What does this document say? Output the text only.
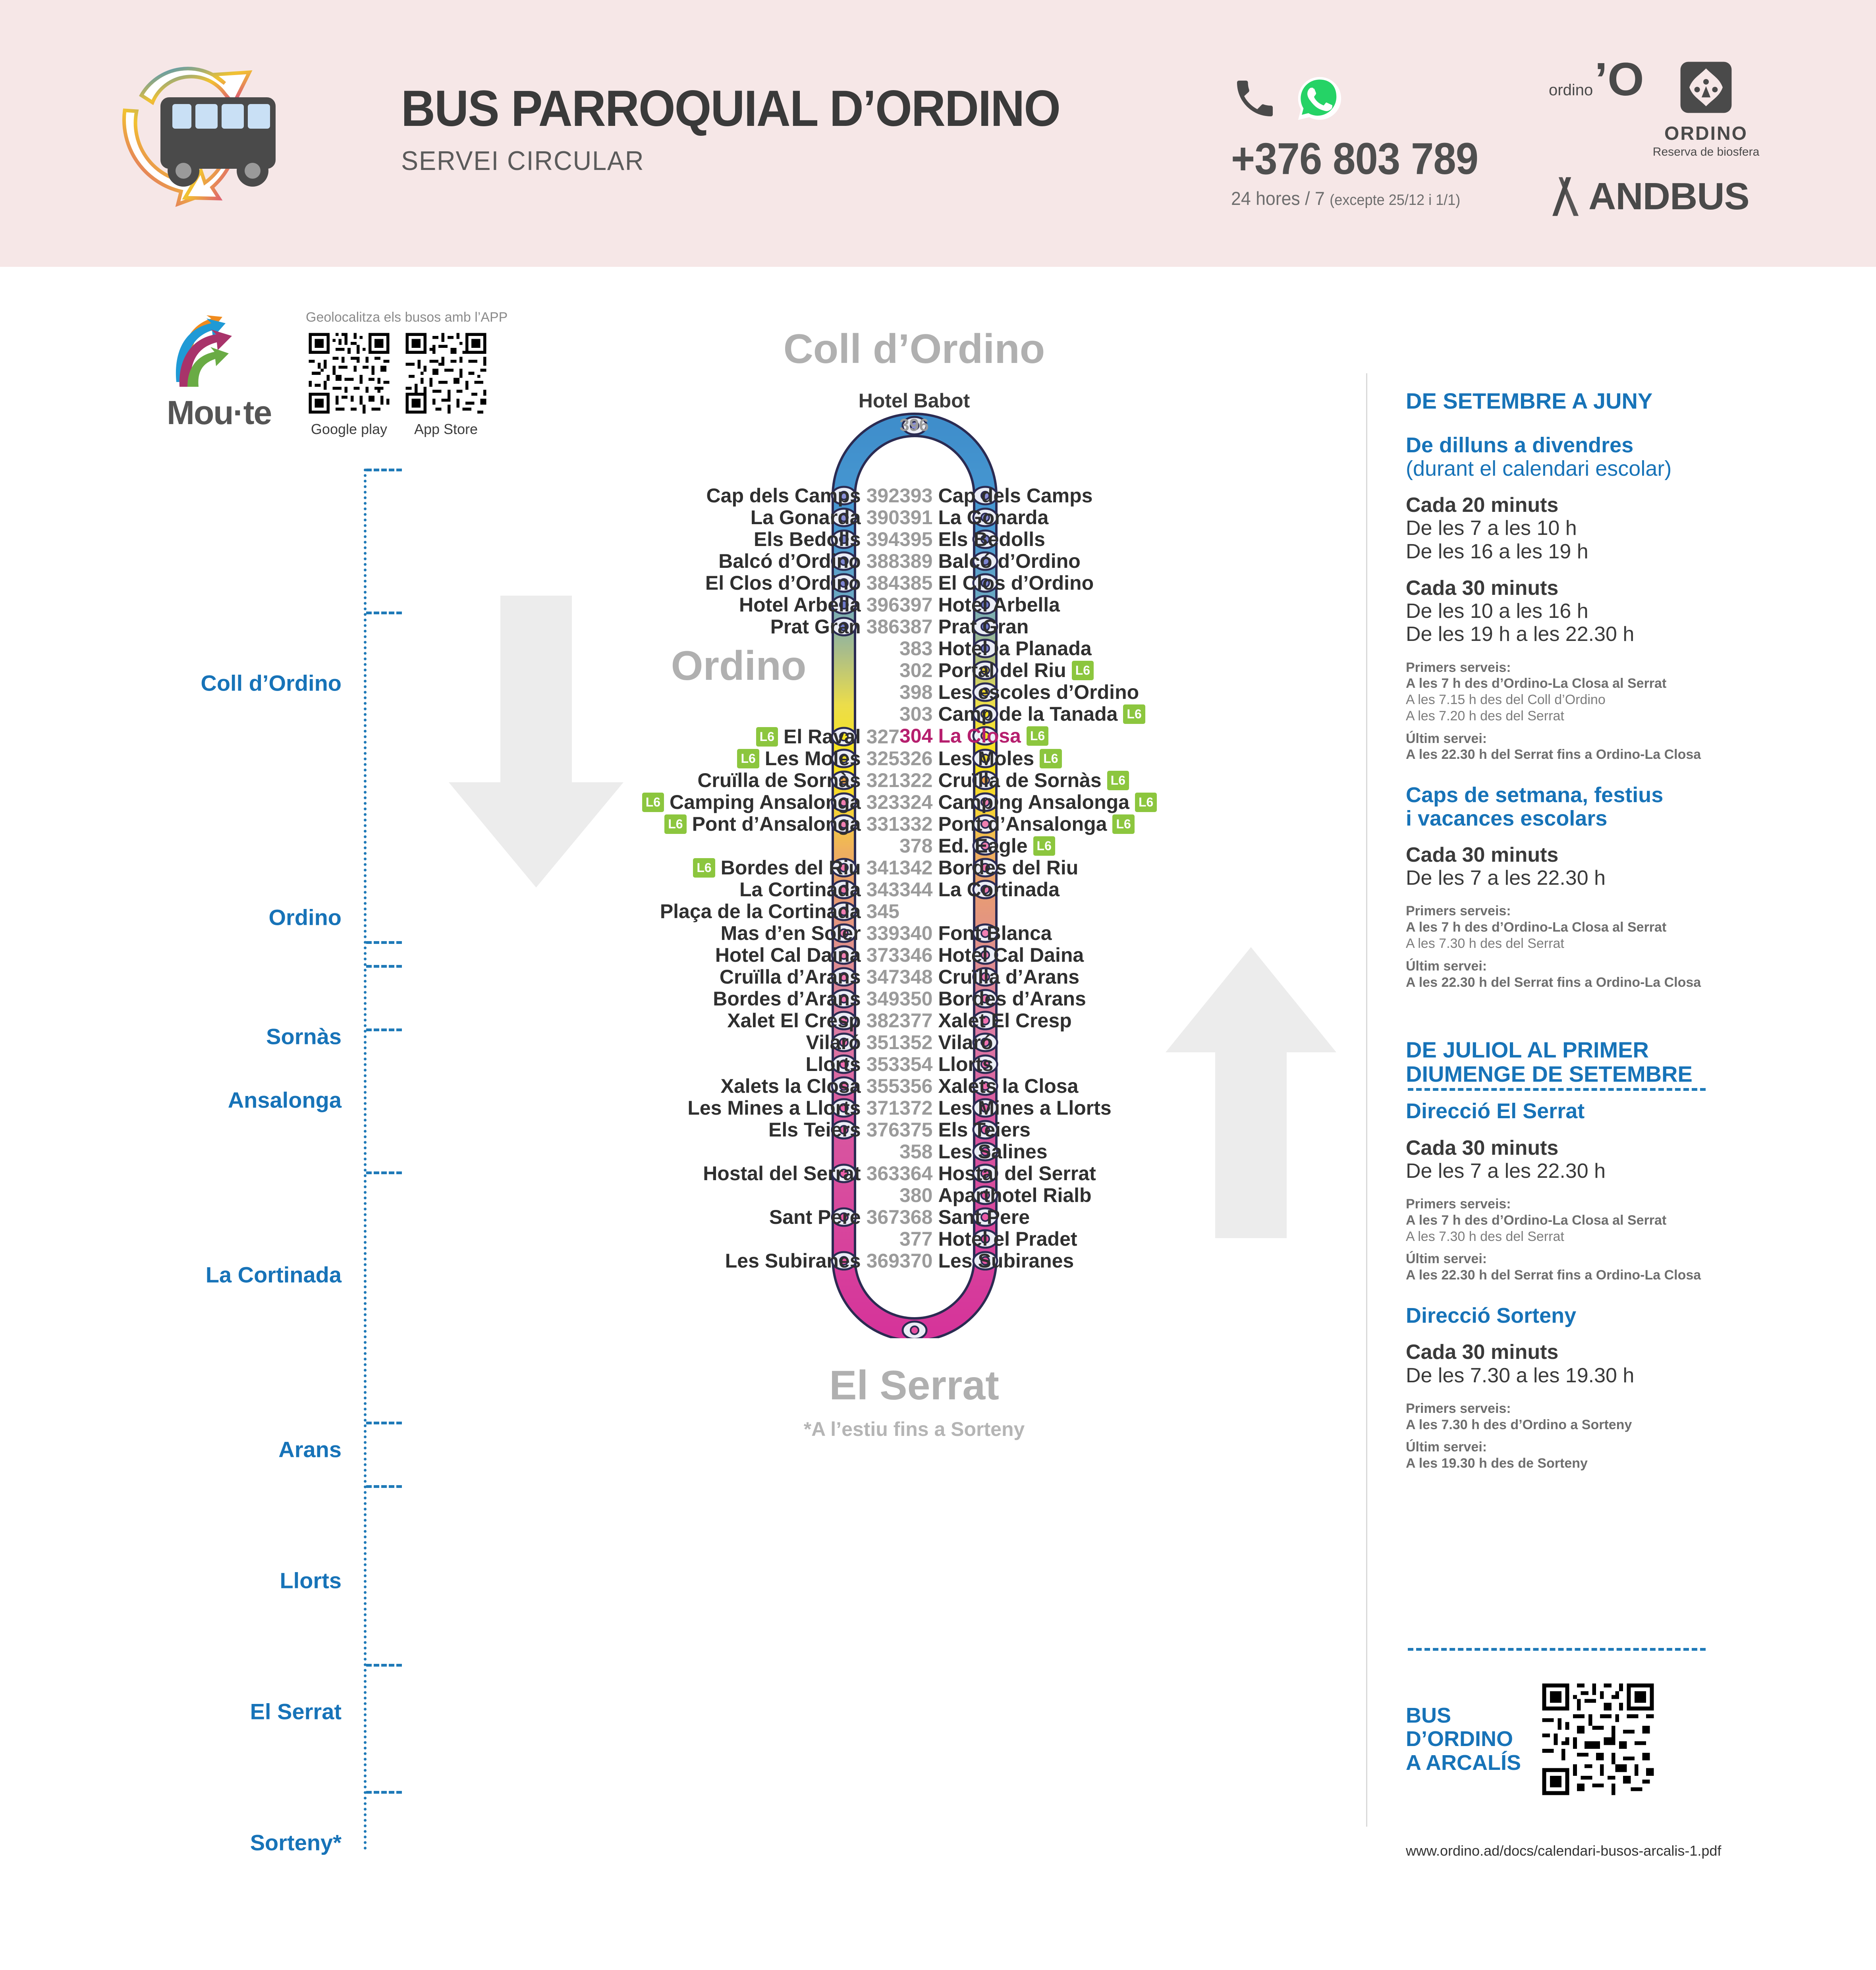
BUS PARROQUIAL D’ORDINO
SERVEI CIRCULAR	+376 803 789
24 hores / 7 (excepte 25/12 i 1/1)
ordino ’O
ORDINO
Reserva de biosfera
ANDBUS
Mou·te
Geolocalitza els busos amb l’APP
Google play	App Store
Coll d’Ordino
Ordino
Sornàs
Ansalonga
La Cortinada
Arans
Llorts
El Serrat
Sorteny*
Coll d’Ordino
Hotel Babot
396
Ordino
El Serrat
*A l’estiu fins a Sorteny
Cap dels Camps 392
La Gonarda 390
Els Bedolls 394
Balcó d’Ordino 388
El Clos d’Ordino 384
Hotel Arbella 396
Prat Gran 386
L6 El Raval 327
L6 Les Moles 325
Cruïlla de Sornàs 321
L6 Camping Ansalonga 323
L6 Pont d’Ansalonga 331
L6 Bordes del Riu 341
La Cortinada 343
Plaça de la Cortinada 345
Mas d’en Soler 339
Hotel Cal Daina 373
Cruïlla d’Arans 347
Bordes d’Arans 349
Xalet El Cresp 382
Vilaró 351
Llorts 353
Xalets la Closa 355
Les Mines a Llorts 371
Els Teiers 376
Hostal del Serrat 363
Sant Pere 367
Les Subiranes 369
393 Cap dels Camps
391 La Gonarda
395 Els Bedolls
389 Balcó d’Ordino
385 El Clos d’Ordino
397 Hotel Arbella
387 Prat Gran
383 Hotel la Planada
302 Portal del Riu L6
398 Les escoles d’Ordino
303 Camp de la Tanada L6
304 La Closa L6
326 Les Moles L6
322 Cruïlla de Sornàs L6
324 Camping Ansalonga L6
332 Pont d’Ansalonga L6
378 Ed. Eagle L6
342 Bordes del Riu
344 La Cortinada
340 Font Blanca
346 Hotel Cal Daina
348 Cruïlla d’Arans
350 Bordes d’Arans
377 Xalet El Cresp
352 Vilaró
354 Llorts
356 Xalets la Closa
372 Les Mines a Llorts
375 Els Teiers
358 Les Salines
364 Hostal del Serrat
380 Aparthotel Rialb
368 Sant Pere
377 Hotel el Pradet
370 Les Subiranes
DE SETEMBRE A JUNY
De dilluns a divendres
(durant el calendari escolar)
Cada 20 minuts
De les 7 a les 10 h
De les 16 a les 19 h
Cada 30 minuts
De les 10 a les 16 h
De les 19 h a les 22.30 h
Primers serveis:
A les 7 h des d’Ordino-La Closa al Serrat
A les 7.15 h des del Coll d’Ordino
A les 7.20 h des del Serrat
Últim servei:
A les 22.30 h del Serrat fins a Ordino-La Closa
Caps de setmana, festius
i vacances escolars
Cada 30 minuts
De les 7 a les 22.30 h
Primers serveis:
A les 7 h des d’Ordino-La Closa al Serrat
A les 7.30 h des del Serrat
Últim servei:
A les 22.30 h del Serrat fins a Ordino-La Closa
DE JULIOL AL PRIMER
DIUMENGE DE SETEMBRE
Direcció El Serrat
Cada 30 minuts
De les 7 a les 22.30 h
Primers serveis:
A les 7 h des d’Ordino-La Closa al Serrat
A les 7.30 h des del Serrat
Últim servei:
A les 22.30 h del Serrat fins a Ordino-La Closa
Direcció Sorteny
Cada 30 minuts
De les 7.30 a les 19.30 h
Primers serveis:
A les 7.30 h des d’Ordino a Sorteny
Últim servei:
A les 19.30 h des de Sorteny
BUS
D’ORDINO
A ARCALÍS
www.ordino.ad/docs/calendari-busos-arcalis-1.pdf
